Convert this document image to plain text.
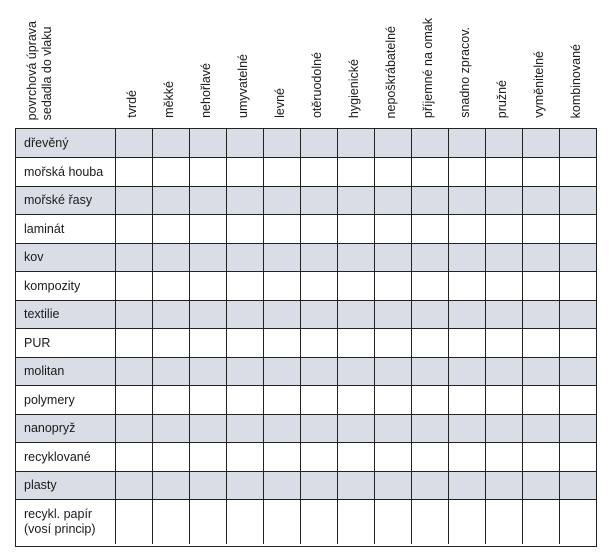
povrchová úprava
sedadla do vlaku
tvrdé měkké nehořlavé umyvatelné levné otěruodolné hygienické nepoškrábatelné příjemné na omak snadno zpracov. pružné vyměnitelné kombinované
dřevěný
mořská houba
mořské řasy
laminát
kov
kompozity
textilie
PUR
molitan
polymery
nanopryž
recyklované
plasty
recykl. papír
(vosí princip)
